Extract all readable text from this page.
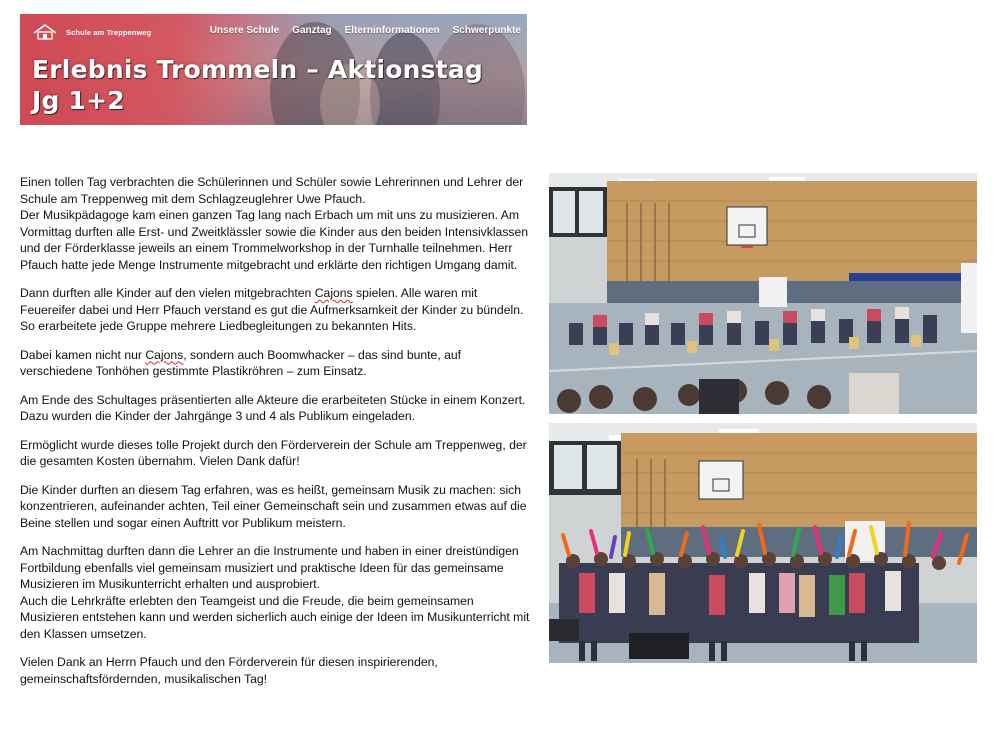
Schule am Treppenweg	Unsere Schule Ganztag Elterninformationen Schwerpunkte
Erlebnis Trommeln – Aktionstag Jg 1+2

Einen tollen Tag verbrachten die Schülerinnen und Schüler sowie Lehrerinnen und Lehrer der Schule am Treppenweg mit dem Schlagzeuglehrer Uwe Pfauch.

Der Musikpädagoge kam einen ganzen Tag lang nach Erbach um mit uns zu musizieren. Am Vormittag durften alle Erst- und Zweitklässler sowie die Kinder aus den beiden Intensivklassen und der Förderklasse jeweils an einem Trommelworkshop in der Turnhalle teilnehmen. Herr Pfauch hatte jede Menge Instrumente mitgebracht und erklärte den richtigen Umgang damit.

Dann durften alle Kinder auf den vielen mitgebrachten Cajons spielen. Alle waren mit Feuereifer dabei und Herr Pfauch verstand es gut die Aufmerksamkeit der Kinder zu bündeln. So erarbeitete jede Gruppe mehrere Liedbegleitungen zu bekannten Hits.

Dabei kamen nicht nur Cajons, sondern auch Boomwhacker – das sind bunte, auf verschiedene Tonhöhen gestimmte Plastikröhren – zum Einsatz.

Am Ende des Schultages präsentierten alle Akteure die erarbeiteten Stücke in einem Konzert. Dazu wurden die Kinder der Jahrgänge 3 und 4 als Publikum eingeladen.

Ermöglicht wurde dieses tolle Projekt durch den Förderverein der Schule am Treppenweg, der die gesamten Kosten übernahm. Vielen Dank dafür!

Die Kinder durften an diesem Tag erfahren, was es heißt, gemeinsam Musik zu machen: sich konzentrieren, aufeinander achten, Teil einer Gemeinschaft sein und zusammen etwas auf die Beine stellen und sogar einen Auftritt vor Publikum meistern.

Am Nachmittag durften dann die Lehrer an die Instrumente und haben in einer dreistündigen Fortbildung ebenfalls viel gemeinsam musiziert und praktische Ideen für das gemeinsame Musizieren im Musikunterricht erhalten und ausprobiert.

Auch die Lehrkräfte erlebten den Teamgeist und die Freude, die beim gemeinsamen Musizieren entstehen kann und werden sicherlich auch einige der Ideen im Musikunterricht mit den Klassen umsetzen.

Vielen Dank an Herrn Pfauch und den Förderverein für diesen inspirierenden, gemeinschaftsfördernden, musikalischen Tag!
